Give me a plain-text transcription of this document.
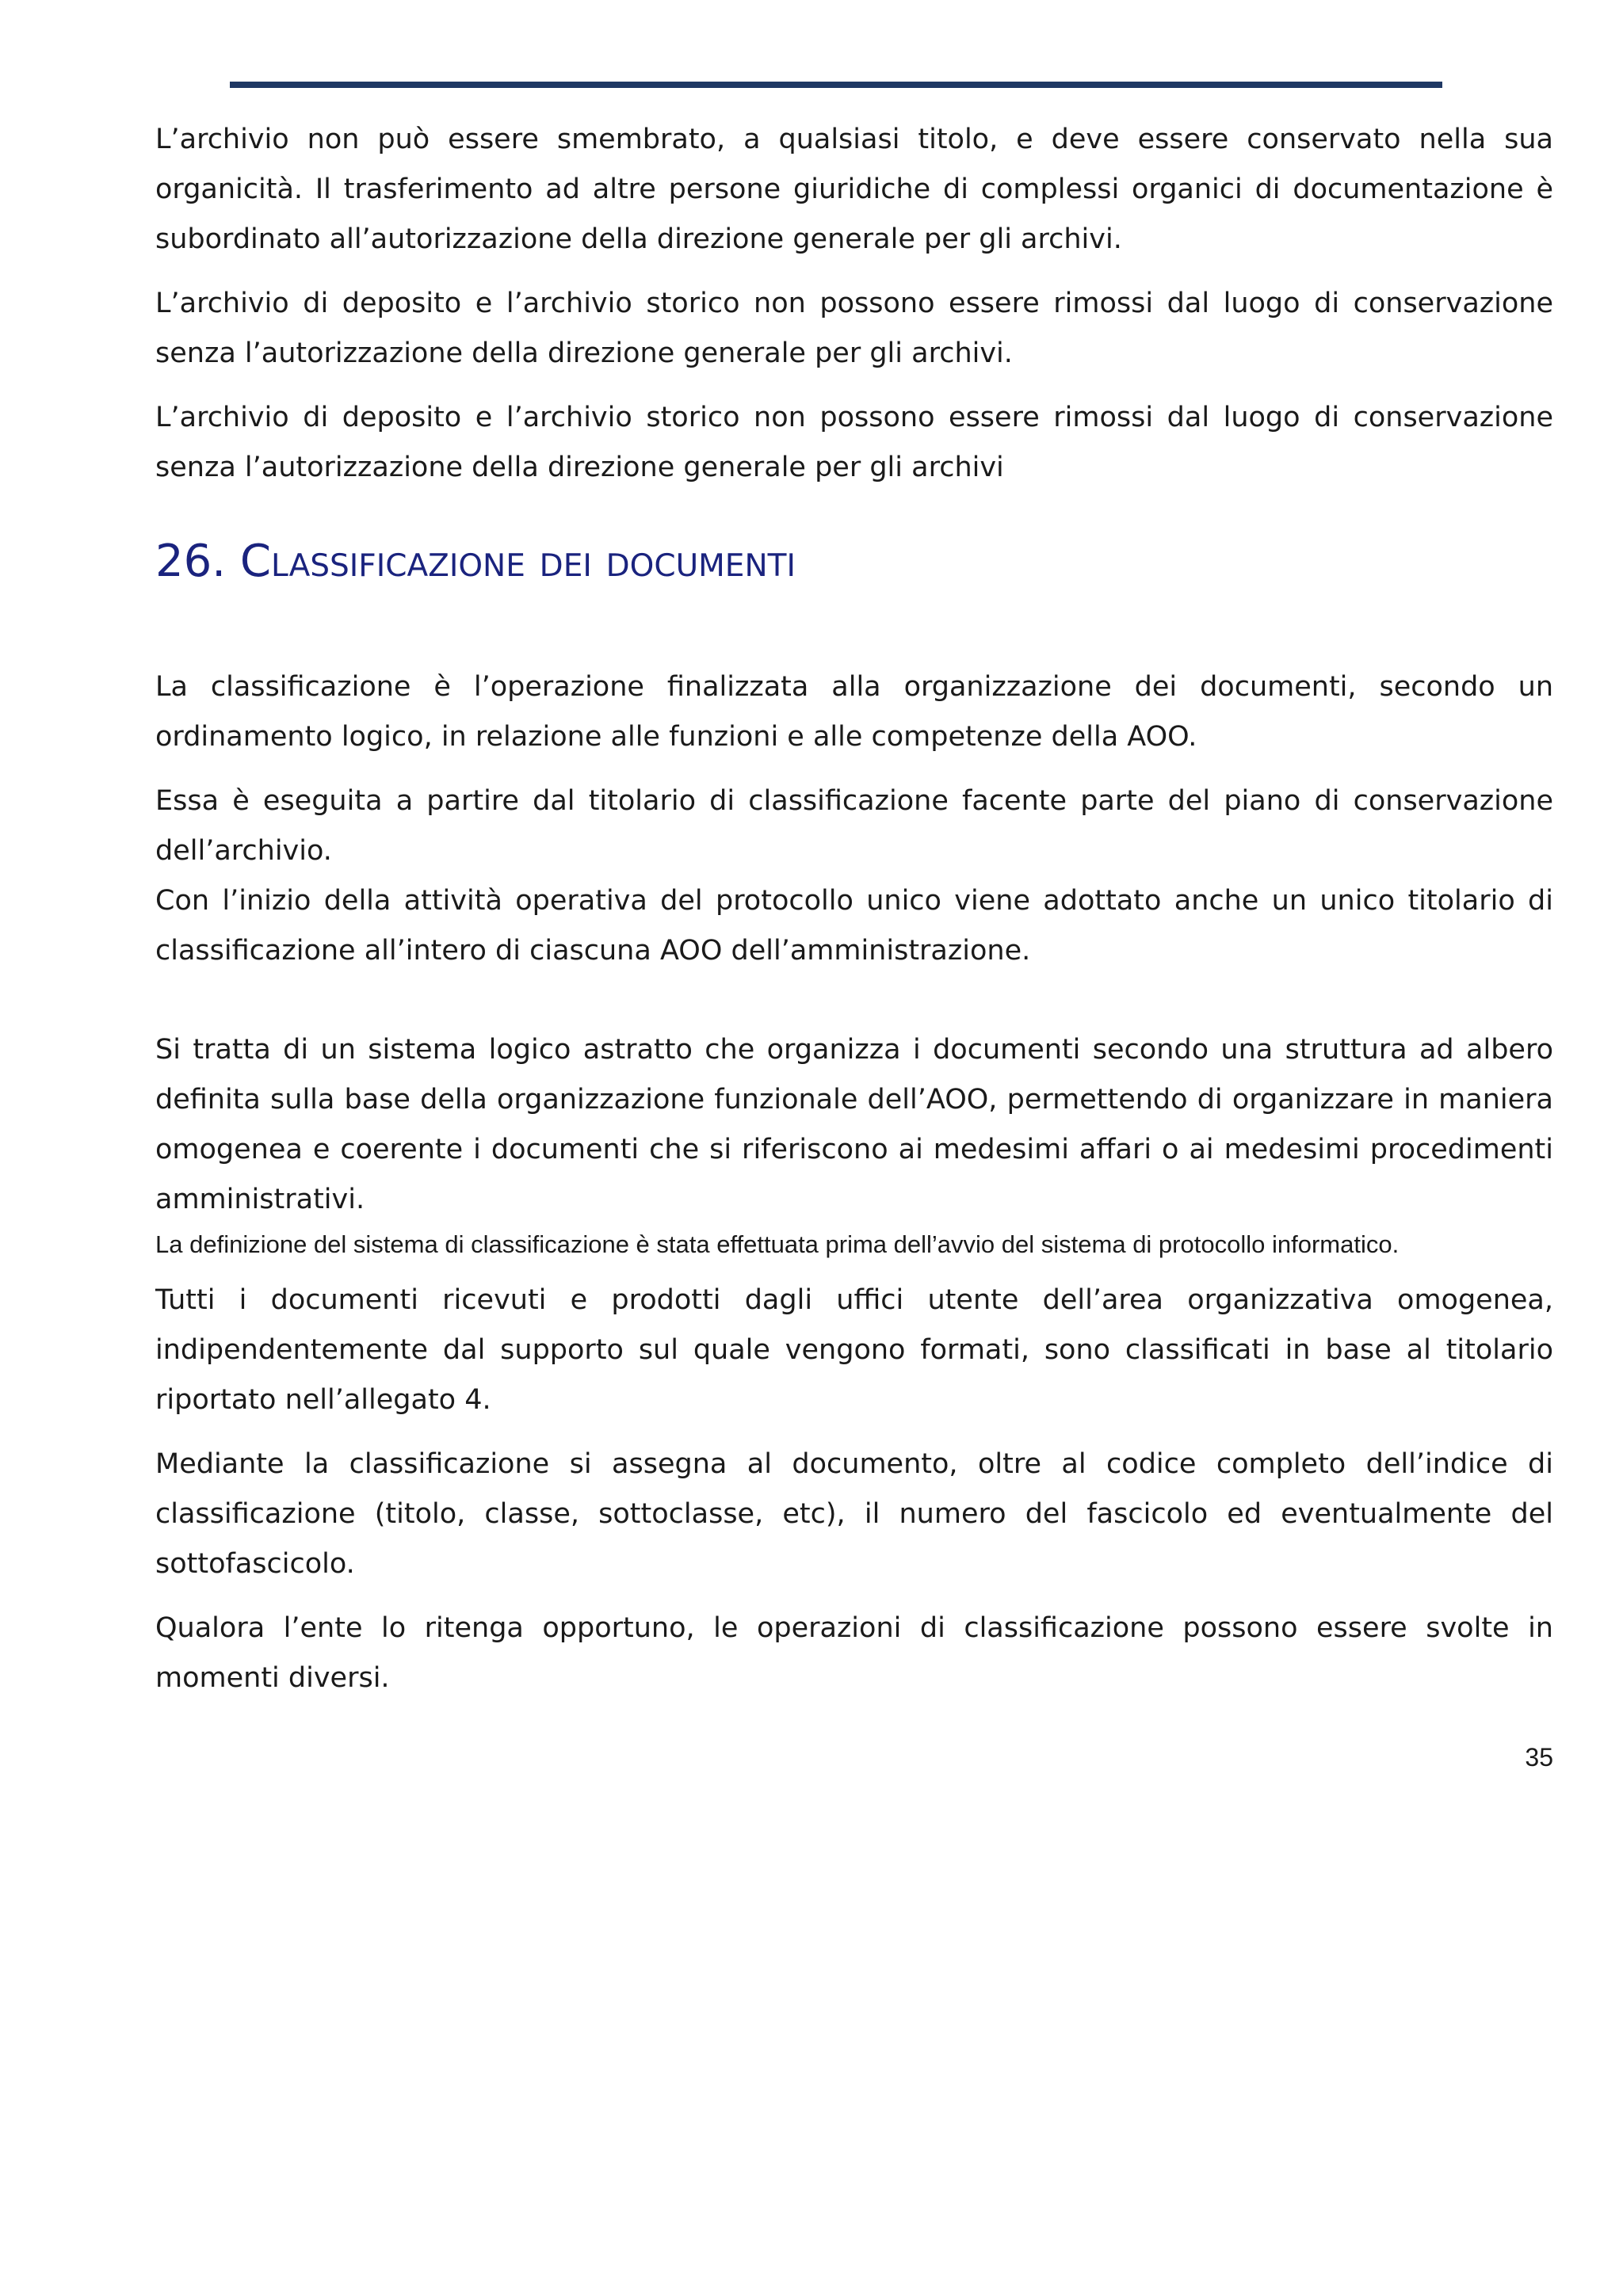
L’archivio non può essere smembrato, a qualsiasi titolo, e deve essere conservato nella sua organicità. Il trasferimento ad altre persone giuridiche di complessi organici di documentazione è subordinato all’autorizzazione della direzione generale per gli archivi.

L’archivio di deposito e l’archivio storico non possono essere rimossi dal luogo di conservazione senza l’autorizzazione della direzione generale per gli archivi.

L’archivio di deposito e l’archivio storico non possono essere rimossi dal luogo di conservazione senza l’autorizzazione della direzione generale per gli archivi

26. Classificazione dei documenti

La classificazione è l’operazione finalizzata alla organizzazione dei documenti, secondo un ordinamento logico, in relazione alle funzioni e alle competenze della AOO.

Essa è eseguita a partire dal titolario di classificazione facente parte del piano di conservazione dell’archivio.

Con l’inizio della attività operativa del protocollo unico viene adottato anche un unico titolario di classificazione all’intero di ciascuna AOO dell’amministrazione.

Si tratta di un sistema logico astratto che organizza i documenti secondo una struttura ad albero definita sulla base della organizzazione funzionale dell’AOO, permettendo di organizzare in maniera omogenea e coerente i documenti che si riferiscono ai medesimi affari o ai medesimi procedimenti amministrativi.

La definizione del sistema di classificazione è stata effettuata prima dell’avvio del sistema di protocollo informatico.

Tutti i documenti ricevuti e prodotti dagli uffici utente dell’area organizzativa omogenea, indipendentemente dal supporto sul quale vengono formati, sono classificati in base al titolario riportato nell’allegato 4.

Mediante la classificazione si assegna al documento, oltre al codice completo dell’indice di classificazione (titolo, classe, sottoclasse, etc), il numero del fascicolo ed eventualmente del sottofascicolo.

Qualora l’ente lo ritenga opportuno, le operazioni di classificazione possono essere svolte in momenti diversi.

35
